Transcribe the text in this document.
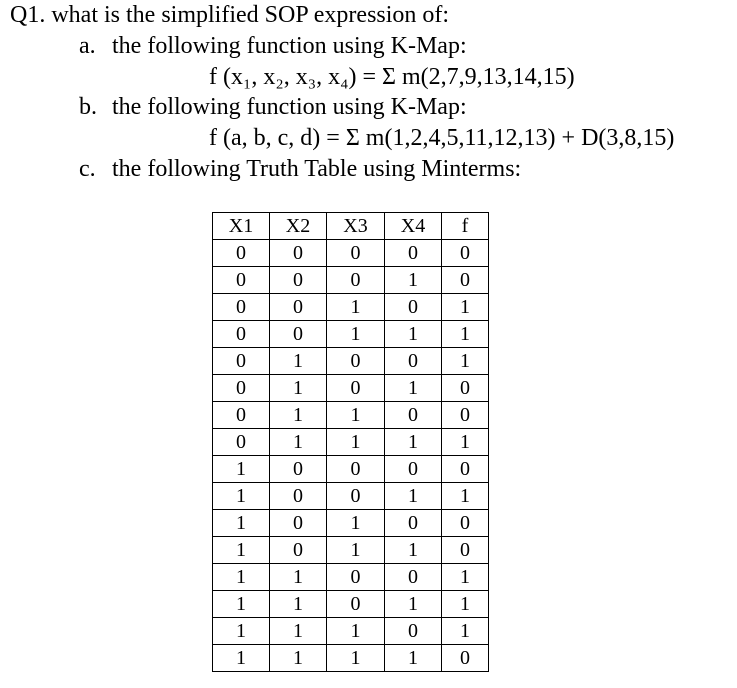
Q1. what is the simplified SOP expression of:
a. the following function using K-Map:
f (x₁, x₂, x₃, x₄) = Σ m(2,7,9,13,14,15)
b. the following function using K-Map:
f (a, b, c, d) = Σ m(1,2,4,5,11,12,13) + D(3,8,15)
c. the following Truth Table using Minterms:
X1	X2	X3	X4	f
0	0	0	0	0
0	0	0	1	0
0	0	1	0	1
0	0	1	1	1
0	1	0	0	1
0	1	0	1	0
0	1	1	0	0
0	1	1	1	1
1	0	0	0	0
1	0	0	1	1
1	0	1	0	0
1	0	1	1	0
1	1	0	0	1
1	1	0	1	1
1	1	1	0	1
1	1	1	1	0
